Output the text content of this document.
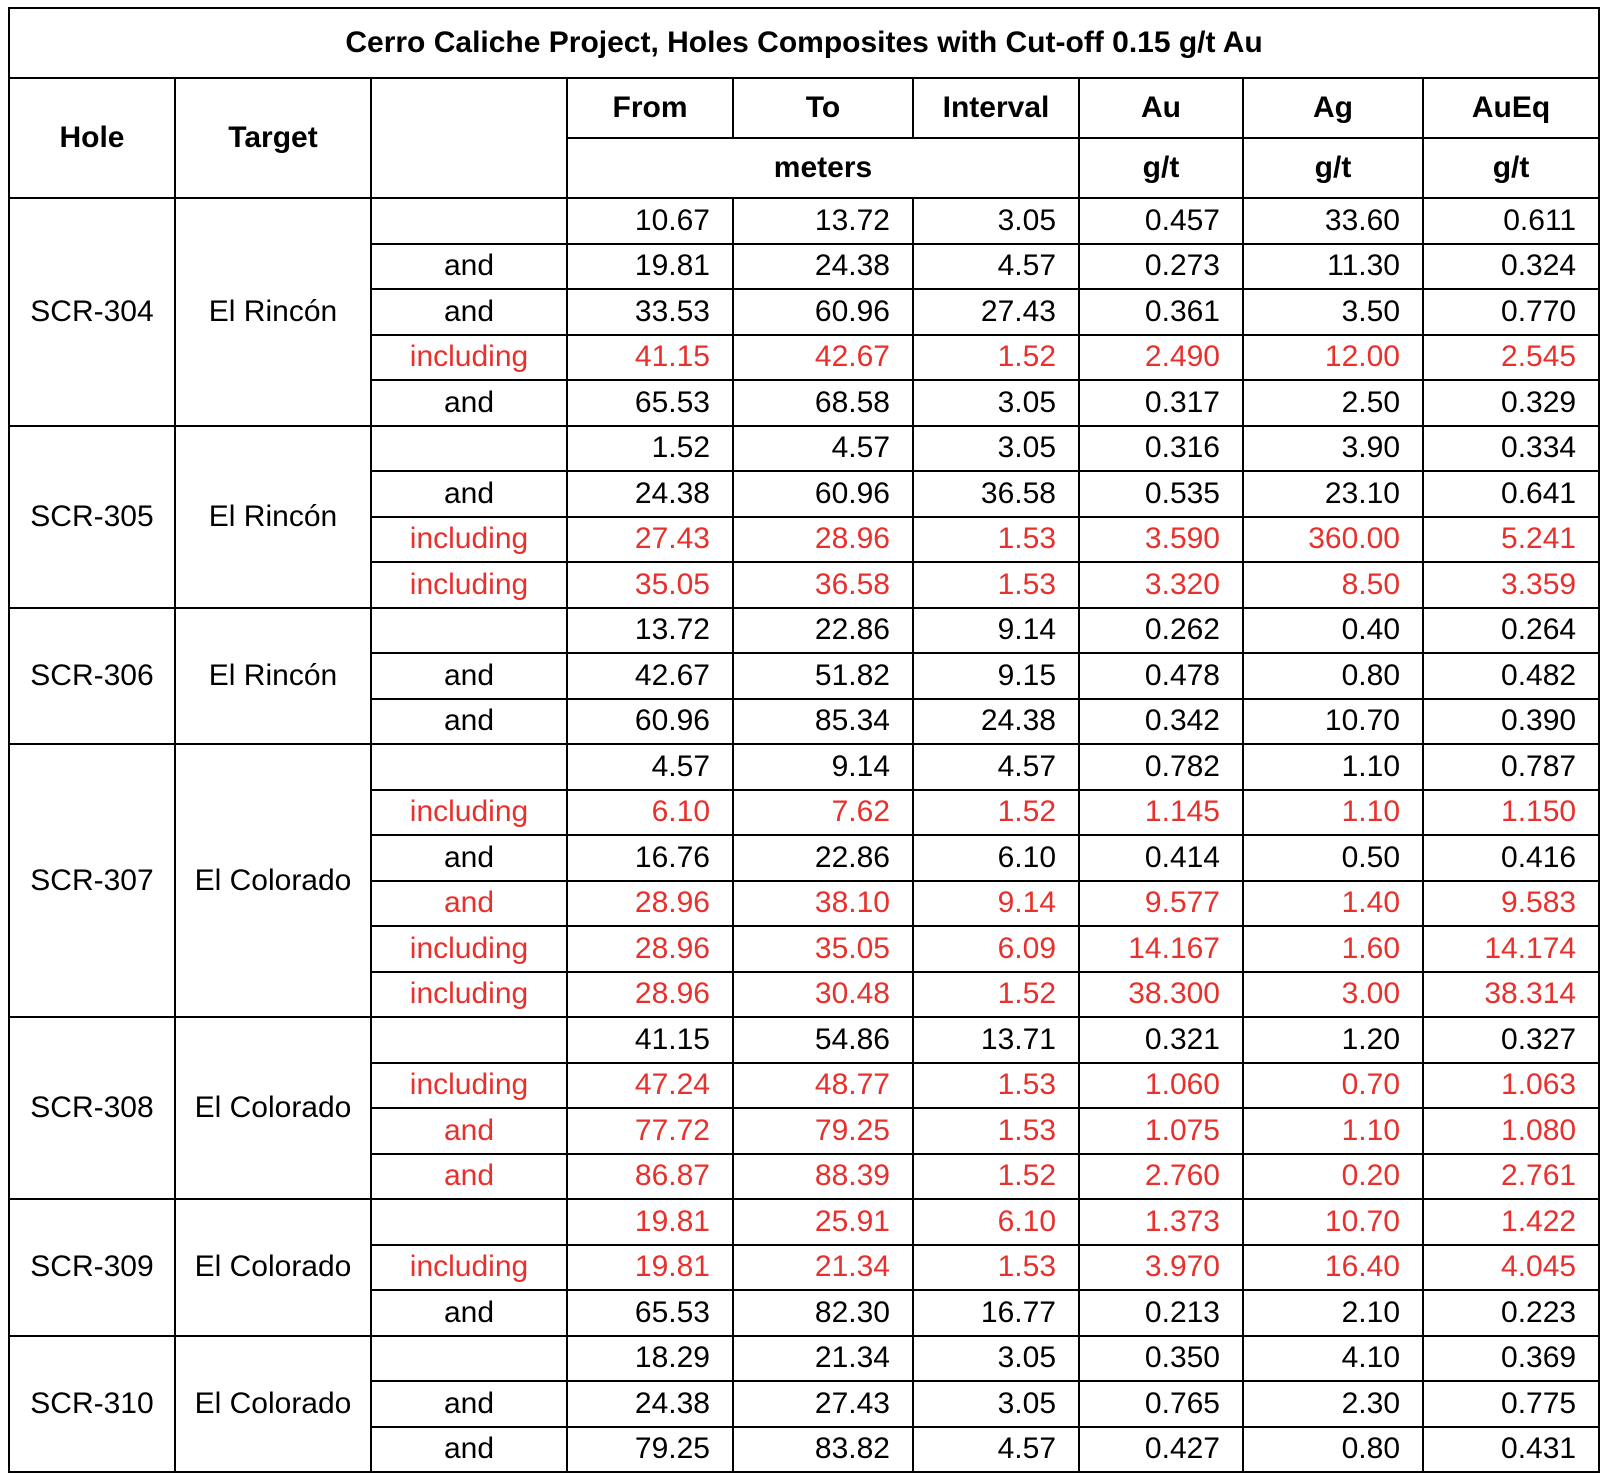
Cerro Caliche Project, Holes Composites with Cut-off 0.15 g/t Au								
Hole	Target		From	To	Interval	Au	Ag	AuEq
			meters			g/t	g/t	g/t
SCR-304	El Rincón		10.67	13.72	3.05	0.457	33.60	0.611
		and	19.81	24.38	4.57	0.273	11.30	0.324
		and	33.53	60.96	27.43	0.361	3.50	0.770
		including	41.15	42.67	1.52	2.490	12.00	2.545
		and	65.53	68.58	3.05	0.317	2.50	0.329
SCR-305	El Rincón		1.52	4.57	3.05	0.316	3.90	0.334
		and	24.38	60.96	36.58	0.535	23.10	0.641
		including	27.43	28.96	1.53	3.590	360.00	5.241
		including	35.05	36.58	1.53	3.320	8.50	3.359
SCR-306	El Rincón		13.72	22.86	9.14	0.262	0.40	0.264
		and	42.67	51.82	9.15	0.478	0.80	0.482
		and	60.96	85.34	24.38	0.342	10.70	0.390
SCR-307	El Colorado		4.57	9.14	4.57	0.782	1.10	0.787
		including	6.10	7.62	1.52	1.145	1.10	1.150
		and	16.76	22.86	6.10	0.414	0.50	0.416
		and	28.96	38.10	9.14	9.577	1.40	9.583
		including	28.96	35.05	6.09	14.167	1.60	14.174
		including	28.96	30.48	1.52	38.300	3.00	38.314
SCR-308	El Colorado		41.15	54.86	13.71	0.321	1.20	0.327
		including	47.24	48.77	1.53	1.060	0.70	1.063
		and	77.72	79.25	1.53	1.075	1.10	1.080
		and	86.87	88.39	1.52	2.760	0.20	2.761
SCR-309	El Colorado		19.81	25.91	6.10	1.373	10.70	1.422
		including	19.81	21.34	1.53	3.970	16.40	4.045
		and	65.53	82.30	16.77	0.213	2.10	0.223
SCR-310	El Colorado		18.29	21.34	3.05	0.350	4.10	0.369
		and	24.38	27.43	3.05	0.765	2.30	0.775
		and	79.25	83.82	4.57	0.427	0.80	0.431
